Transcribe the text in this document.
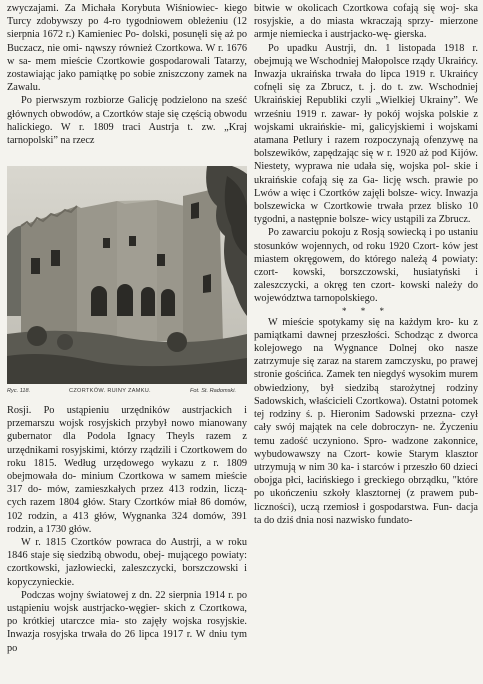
zwyczajami. Za Michała Korybuta Wiśniowiec- kiego Turcy zdobywszy po 4-ro tygodniowem obleżeniu (12 sierpnia 1672 r.) Kamieniec Po- dolski, posunęli się aż po Buczacz, nie omi- nąwszy również Czortkowa. W r. 1676 w sa- mem mieście Czortkowie gospodarowali Tatarzy, zostawiając jako pamiątkę po sobie zniszczony zamek na Zawalu.

Po pierwszym rozbiorze Galicję podzielono na sześć głównych obwodów, a Czortków staje się częścią obwodu halickiego. W r. 1809 traci Austrja t. zw. „Kraj tarnopolski” na rzecz

Ryc. 118.	CZORTKÓW. RUINY ZAMKU.	Fot. St. Radomski.

Rosji. Po ustąpieniu urzędników austrjackich i przemarszu wojsk rosyjskich przybył nowo mianowany gubernator dla Podola Ignacy Theyls razem z urzędnikami rosyjskimi, którzy rządzili i Czortkowem do roku 1815. Według urzędowego wykazu z r. 1809 obejmowała do- minium Czortkowa w samem mieście 317 do- mów, zamieszkałych przez 413 rodzin, liczą- cych razem 1804 głów. Stary Czortków miał 86 domów, 102 rodzin, a 413 głów, Wygnanka 324 domów, 391 rodzin, a 1730 głów.

W r. 1815 Czortków powraca do Austrji, a w roku 1846 staje się siedzibą obwodu, obej- mującego powiaty: czortkowski, jazłowiecki, zaleszczycki, borszczowski i kopyczynieckie.

Podczas wojny światowej z dn. 22 sierpnia 1914 r. po ustąpieniu wojsk austrjacko-węgier- skich z Czortkowa, po krótkiej utarczce mia- sto zajęły wojska rosyjskie. Inwazja rosyjska trwała do 26 lipca 1917 r. W dniu tym po

bitwie w okolicach Czortkowa cofają się woj- ska rosyjskie, a do miasta wkraczają sprzy- mierzone armje niemiecka i austrjacko-wę- gierska.

Po upadku Austrji, dn. 1 listopada 1918 r. obejmują we Wschodniej Małopolsce rządy Ukraińcy. Inwazja ukraińska trwała do lipca 1919 r. Ukraińcy cofnęli się za Zbrucz, t. j. do t. zw. Wschodniej Ukraińskiej Republiki czyli „Wielkiej Ukrainy”. We wrześniu 1919 r. zawar- ły pokój wojska polskie z wojskami ukraińskie- mi, galicyjskiemi i wojskami atamana Petlury i razem rozpoczynają ofenzywę na bolszewików, zapędzając się w r. 1920 aż pod Kijów. Niestety, wyprawa nie udała się, wojska pol- skie i ukraińskie cofają się za Ga- licję wsch. prawie po Lwów a więc i Czortków zajęli bolsze- wicy. Inwazja bolszewicka w Czortkowie trwała przez blisko 10 tygodni, a następnie bolsze- wicy ustąpili za Zbrucz.

Po zawarciu pokoju z Rosją sowiecką i po ustaniu stosunków wojennych, od roku 1920 Czort- ków jest miastem okręgowem, do którego należą 4 powiaty: czort- kowski, borszczowski, husiatyński i zaleszczycki, a okręg ten czort- kowski należy do województwa tarnopolskiego.

* * *

W mieście spotykamy się na każdym kro- ku z pamiątkami dawnej przeszłości. Schodząc z dworca kolejowego na Wygnance Dolnej oko nasze zatrzymuje się zaraz na starem zamczysku, po prawej stronie gościńca. Zamek ten niegdyś wysokim murem obwiedziony, był siedzibą starożytnej rodziny Sadowskich, właścicieli Czortkowa). Ostatni potomek tej rodziny ś. p. Hieronim Sadowski przezna- czył cały swój majątek na cele dobroczyn- ne. Życzeniu temu zadość uczyniono. Spro- wadzone zakonnice, wybudowawszy na Czort- kowie Starym klasztor utrzymują w nim 30 ka- i starców i przeszło 60 dzieci obojga płci, łacińskiego i greckiego obrządku, "które po ukończeniu szkoły klasztornej (z prawem pub- liczności), uczą rzemiosł i gospodarstwa. Fun- dacja ta do dziś dnia nosi nazwisko fundato-
